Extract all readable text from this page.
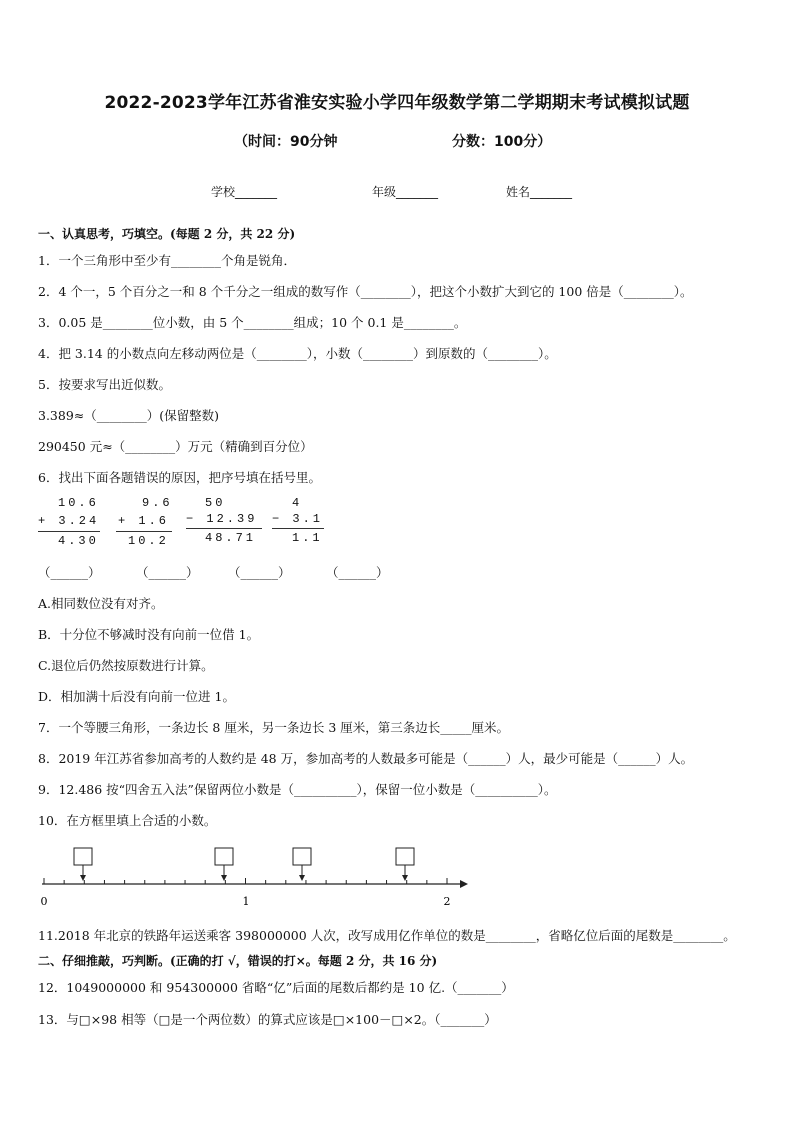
2022-2023学年江苏省淮安实验小学四年级数学第二学期期末考试模拟试题
（时间：90分钟	分数：100分）
学校_______	年级_______	姓名_______
一、认真思考，巧填空。(每题 2 分，共 22 分)
1．一个三角形中至少有________个角是锐角．
2．4 个一，5 个百分之一和 8 个千分之一组成的数写作（________），把这个小数扩大到它的 100 倍是（________）。
3．0.05 是________位小数，由 5 个________组成；10 个 0.1 是________。
4．把 3.14 的小数点向左移动两位是（________），小数（________）到原数的（________）。
5．按要求写出近似数。
3.389≈（________）(保留整数)
290450 元≈（________）万元（精确到百分位）
6．找出下面各题错误的原因，把序号填在括号里。
10.6
+ 3.24
4.30
9.6
+ 1.6
10.2
50
− 12.39
48.71
4
− 3.1
1.1
（______）	（______） （______）	（______）
A.相同数位没有对齐。
B．十分位不够减时没有向前一位借 1。
C.退位后仍然按原数进行计算。
D．相加满十后没有向前一位进 1。
7．一个等腰三角形，一条边长 8 厘米，另一条边长 3 厘米，第三条边长_____厘米。
8．2019 年江苏省参加高考的人数约是 48 万，参加高考的人数最多可能是（______）人，最少可能是（______）人。
9．12.486 按“四舍五入法”保留两位小数是（__________），保留一位小数是（__________）。
10．在方框里填上合适的小数。
0	1	2
11.2018 年北京的铁路年运送乘客 398000000 人次，改写成用亿作单位的数是________，省略亿位后面的尾数是________。
二、仔细推敲，巧判断。(正确的打 √，错误的打×。每题 2 分，共 16 分)
12．1049000000 和 954300000 省略“亿”后面的尾数后都约是 10 亿.（_______）
13．与□×98 相等（□是一个两位数）的算式应该是□×100－□×2。（_______）
